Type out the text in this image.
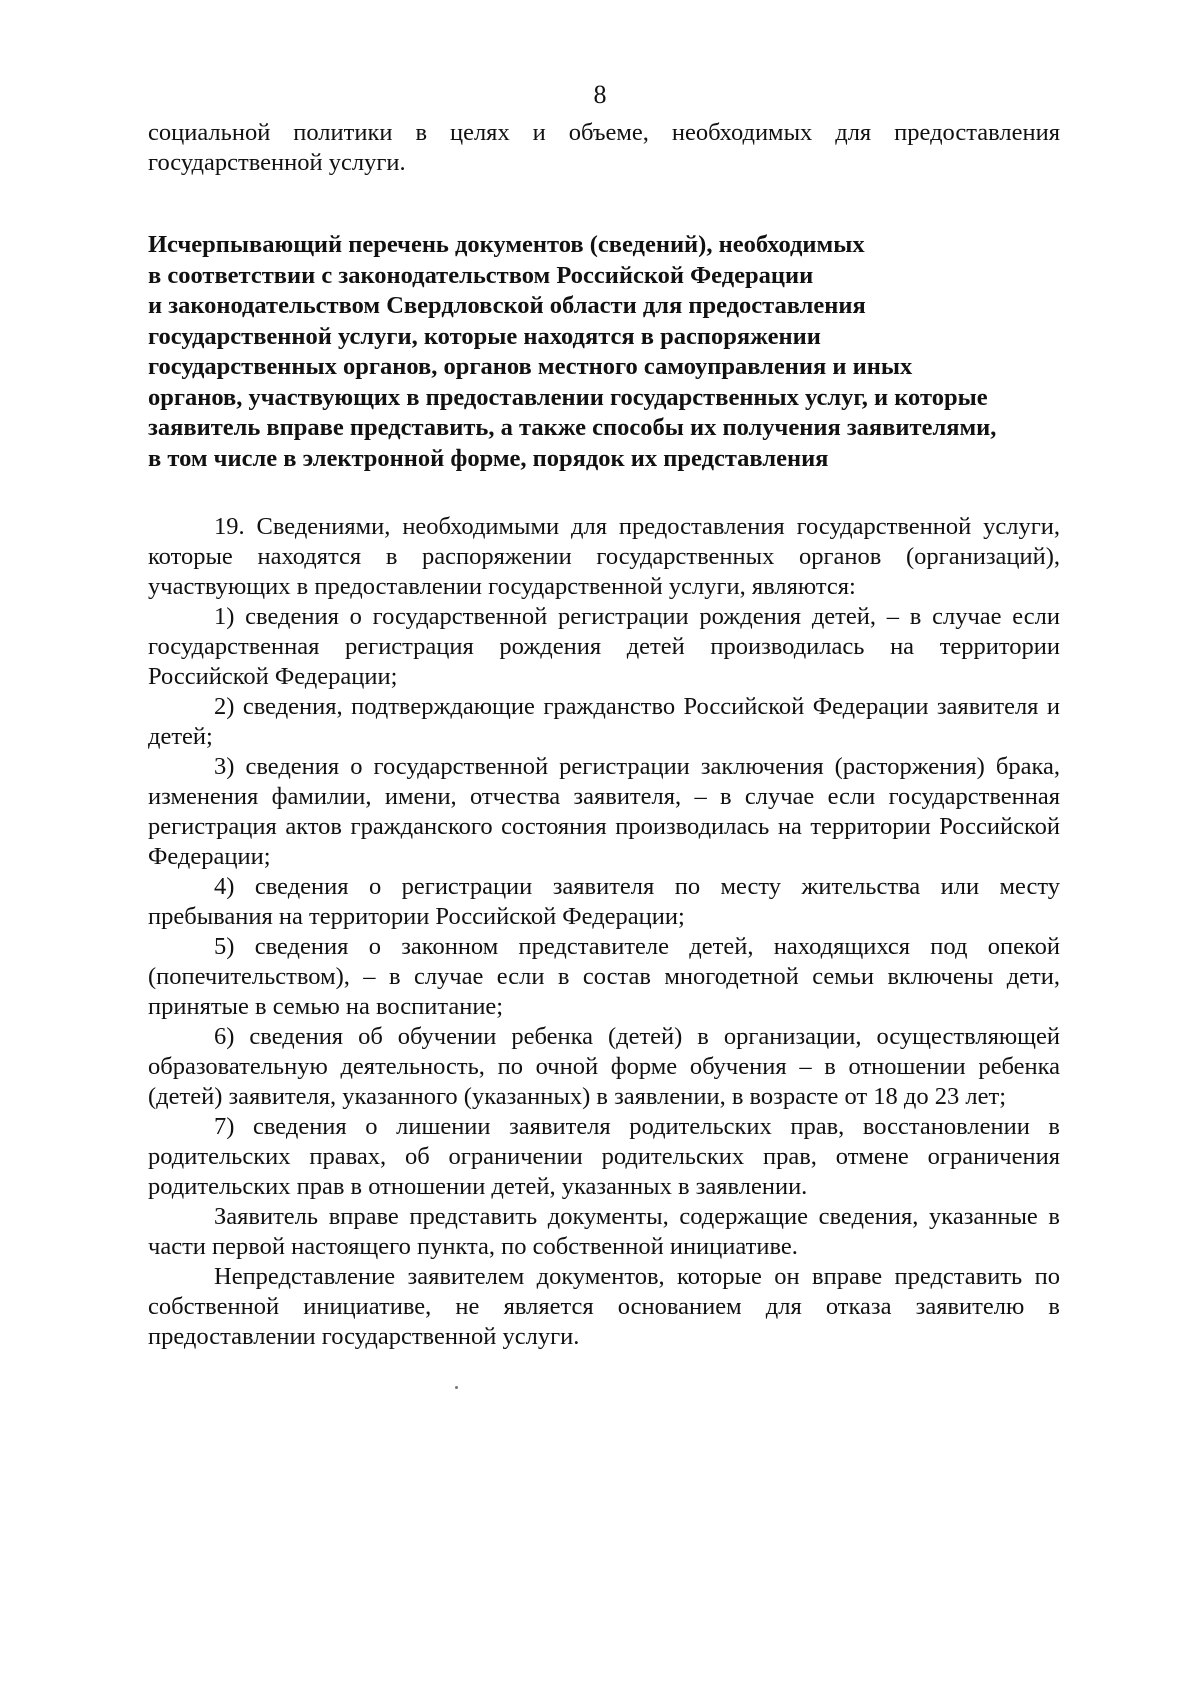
8

социальной политики в целях и объеме, необходимых для предоставления государственной услуги.

Исчерпывающий перечень документов (сведений), необходимых
в соответствии с законодательством Российской Федерации
и законодательством Свердловской области для предоставления
государственной услуги, которые находятся в распоряжении
государственных органов, органов местного самоуправления и иных
органов, участвующих в предоставлении государственных услуг, и которые
заявитель вправе представить, а также способы их получения заявителями,
в том числе в электронной форме, порядок их представления

19. Сведениями, необходимыми для предоставления государственной услуги, которые находятся в распоряжении государственных органов (организаций), участвующих в предоставлении государственной услуги, являются:

1) сведения о государственной регистрации рождения детей, – в случае если государственная регистрация рождения детей производилась на территории Российской Федерации;

2) сведения, подтверждающие гражданство Российской Федерации заявителя и детей;

3) сведения о государственной регистрации заключения (расторжения) брака, изменения фамилии, имени, отчества заявителя, – в случае если государственная регистрация актов гражданского состояния производилась на территории Российской Федерации;

4) сведения о регистрации заявителя по месту жительства или месту пребывания на территории Российской Федерации;

5) сведения о законном представителе детей, находящихся под опекой (попечительством), – в случае если в состав многодетной семьи включены дети, принятые в семью на воспитание;

6) сведения об обучении ребенка (детей) в организации, осуществляющей образовательную деятельность, по очной форме обучения – в отношении ребенка (детей) заявителя, указанного (указанных) в заявлении, в возрасте от 18 до 23 лет;

7) сведения о лишении заявителя родительских прав, восстановлении в родительских правах, об ограничении родительских прав, отмене ограничения родительских прав в отношении детей, указанных в заявлении.

Заявитель вправе представить документы, содержащие сведения, указанные в части первой настоящего пункта, по собственной инициативе.

Непредставление заявителем документов, которые он вправе представить по собственной инициативе, не является основанием для отказа заявителю в предоставлении государственной услуги.
